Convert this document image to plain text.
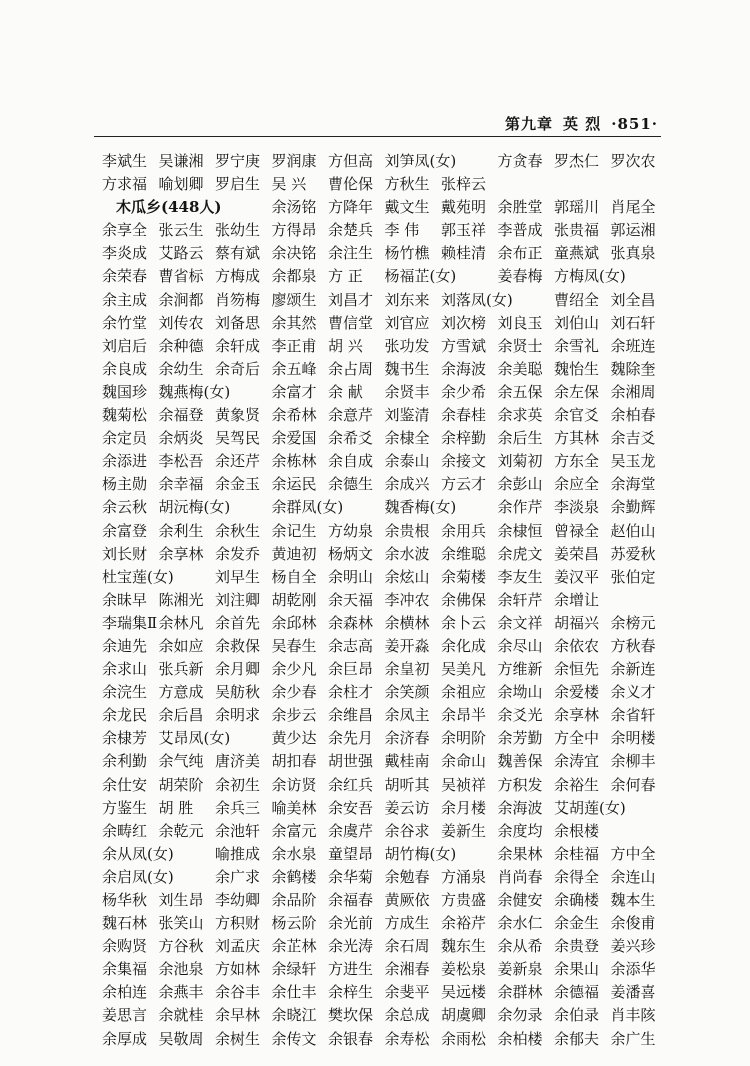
第九章 英 烈 ·851·
李斌生 吴谦湘 罗宁庚 罗润康 方但高 刘笋凤(女)	方贪春 罗杰仁 罗次农
方求福 喻划卿 罗启生 吴 兴	曹伦保 方秋生 张梓云
木瓜乡(448人)	余汤铭 方降年 戴文生 戴苑明 余胜堂 郭瑶川 肖尾全
余享全 张云生 张幼生 方得昂 余楚兵 李 伟	郭玉祥 李普成 张贵福 郭运湘
李炎成 艾路云 蔡有斌 余决铭 余注生 杨竹樵 赖桂清 余布正 童燕斌 张真泉
余荣春 曹省标 方梅成 余都泉 方 正	杨福芷(女)	姜春梅 方梅凤(女)
余主成 余涧都 肖笏梅 廖颂生 刘昌才 刘东来 刘落凤(女)	曹绍全 刘全昌
余竹堂 刘传农 刘备思 余其然 曹信堂 刘官应 刘次榜 刘良玉 刘伯山 刘石轩
刘启后 余种德 余轩成 李正甫 胡 兴	张功发 方雪斌 余贤士 余雪礼 余班连
余良成 余幼生 余奇后 余五峰 余占周 魏书生 余海波 余美聪 魏怡生 魏除奎
魏国珍 魏燕梅(女)	余富才 余 献	余贤丰 余少希 余五保 余左保 余湘周
魏菊松 余福登 黄象贤 余希林 余意芹 刘鉴清 余春桂 余求英 余官爻 余柏春
余定员 余炳炎 吴驾民 余爱国 余希爻 余棣全 余梓勤 余后生 方其林 余吉爻
余添进 李松吾 余还芹 余栋林 余自成 余泰山 余接文 刘菊初 方东全 吴玉龙
杨主勋 余幸福 余金玉 余运民 余德生 余成兴 方云才 余彭山 余应全 余海堂
余云秋 胡沅梅(女)	余群凤(女)	魏香梅(女)	余作芹 李淡泉 余勤辉
余富登 余利生 余秋生 余记生 方幼泉 余贵根 余用兵 余棣恒 曾禄全 赵伯山
刘长财 余享林 余发乔 黄迪初 杨炳文 余水波 余维聪 余虎文 姜荣昌 苏爱秋
杜宝莲(女)	刘早生 杨自全 余明山 余炫山 余菊楼 李友生 姜汉平 张伯定
余昧早 陈湘光 刘注卿 胡乾刚 余天福 李冲农 余佛保 余轩芹 余增让
李瑞集Ⅱ 余林凡 余首先 余邱林 余森林 余横林 余卜云 余文祥 胡福兴 余榜元
余迪先 余如应 余救保 吴春生 余志高 姜开淼 余化成 余尽山 余依农 方秋春
余求山 张兵新 余月卿 余少凡 余巨昂 余皇初 吴美凡 方维新 余恒先 余新连
余浣生 方意成 吴舫秋 余少春 余柱才 余笑颜 余祖应 余坳山 余爱楼 余义才
余龙民 余后昌 余明求 余步云 余维昌 余凤主 余昂半 余爻光 余享林 余省轩
余棣芳 艾昂凤(女)	黄少达 余先月 余济春 余明阶 余芳勤 方全中 余明楼
余利勤 余气纯 唐济美 胡扣春 胡世强 戴桂南 余命山 魏善保 余涛宜 余柳丰
余仕安 胡荣阶 余初生 余访贤 余红兵 胡听其 吴祯祥 方积发 余裕生 余何春
方鉴生 胡 胜	余兵三 喻美林 余安吾 姜云访 余月楼 余海波 艾胡莲(女)
余畴红 余乾元 余池轩 余富元 余虞芹 余谷求 姜新生 余度均 余根楼
余从凤(女)	喻推成 余水泉 童望昂 胡竹梅(女)	余果林 余桂福 方中全
余启凤(女)	余广求 余鹤楼 余华菊 余勉春 方涌泉 肖尚春 余得全 余连山
杨华秋 刘生昂 李幼卿 余品阶 余福春 黄厥依 方贵盛 余健安 余确楼 魏本生
魏石林 张笑山 方积财 杨云阶 余光前 方成生 余裕芹 余水仁 余金生 余俊甫
余购贤 方谷秋 刘孟庆 余芷林 余光涛 余石周 魏东生 余从希 余贵登 姜兴珍
余集福 余池泉 方如林 余绿轩 方进生 余湘春 姜松泉 姜新泉 余果山 余添华
余柏连 余燕丰 余谷丰 余仕丰 余梓生 余斐平 吴远楼 余群林 余德福 姜潘喜
姜思言 余就桂 余早林 余晓江 樊坎保 余总成 胡虞卿 余勿录 余伯录 肖丰陔
余厚成 吴敬周 余树生 余传文 余银春 余寿松 余雨松 余柏楼 余郁夫 余广生
